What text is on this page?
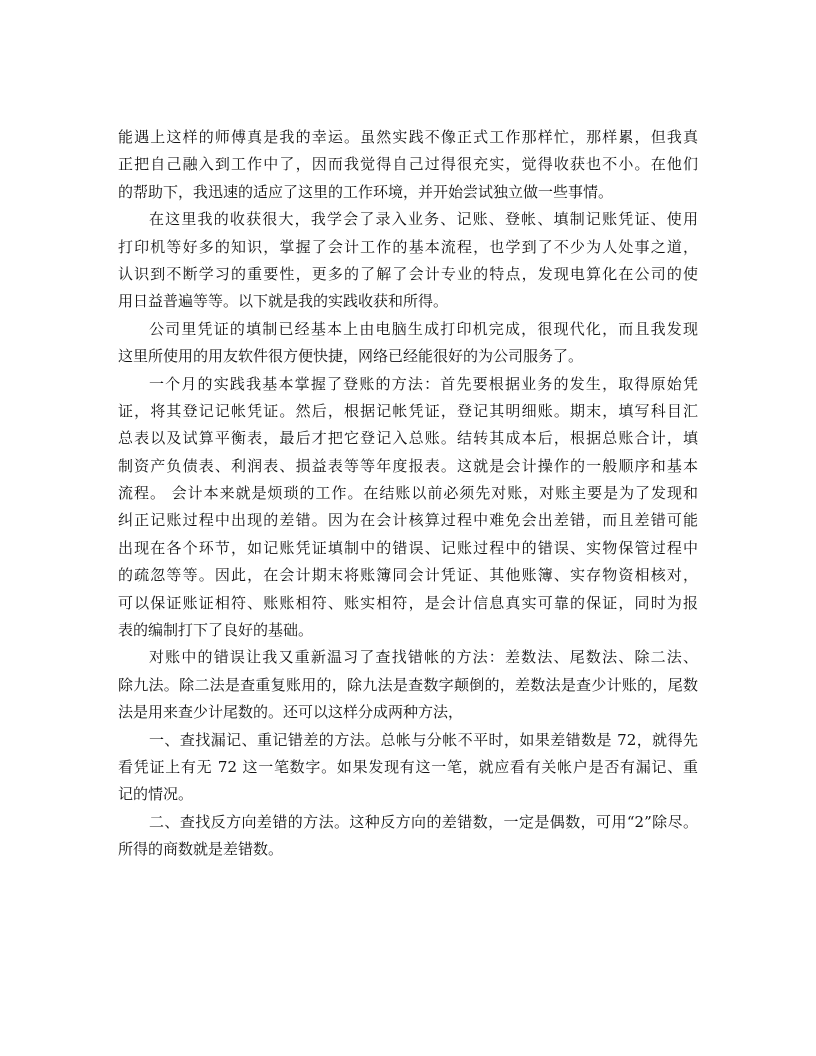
能遇上这样的师傅真是我的幸运。虽然实践不像正式工作那样忙，那样累，但我真
正把自己融入到工作中了，因而我觉得自己过得很充实，觉得收获也不小。在他们
的帮助下，我迅速的适应了这里的工作环境，并开始尝试独立做一些事情。
在这里我的收获很大，我学会了录入业务、记账、登帐、填制记账凭证、使用
打印机等好多的知识，掌握了会计工作的基本流程，也学到了不少为人处事之道，
认识到不断学习的重要性，更多的了解了会计专业的特点，发现电算化在公司的使
用日益普遍等等。以下就是我的实践收获和所得。
公司里凭证的填制已经基本上由电脑生成打印机完成，很现代化，而且我发现
这里所使用的用友软件很方便快捷，网络已经能很好的为公司服务了。
一个月的实践我基本掌握了登账的方法：首先要根据业务的发生，取得原始凭
证，将其登记记帐凭证。然后，根据记帐凭证，登记其明细账。期末，填写科目汇
总表以及试算平衡表，最后才把它登记入总账。结转其成本后，根据总账合计，填
制资产负债表、利润表、损益表等等年度报表。这就是会计操作的一般顺序和基本
流程。 会计本来就是烦琐的工作。在结账以前必须先对账，对账主要是为了发现和
纠正记账过程中出现的差错。因为在会计核算过程中难免会出差错，而且差错可能
出现在各个环节，如记账凭证填制中的错误、记账过程中的错误、实物保管过程中
的疏忽等等。因此，在会计期末将账簿同会计凭证、其他账簿、实存物资相核对，
可以保证账证相符、账账相符、账实相符，是会计信息真实可靠的保证，同时为报
表的编制打下了良好的基础。
对账中的错误让我又重新温习了查找错帐的方法：差数法、尾数法、除二法、
除九法。除二法是查重复账用的，除九法是查数字颠倒的，差数法是查少计账的，尾数
法是用来查少计尾数的。还可以这样分成两种方法，
一、查找漏记、重记错差的方法。总帐与分帐不平时，如果差错数是 72，就得先
看凭证上有无 72 这一笔数字。如果发现有这一笔，就应看有关帐户是否有漏记、重
记的情况。
二、查找反方向差错的方法。这种反方向的差错数，一定是偶数，可用“2”除尽。
所得的商数就是差错数。
